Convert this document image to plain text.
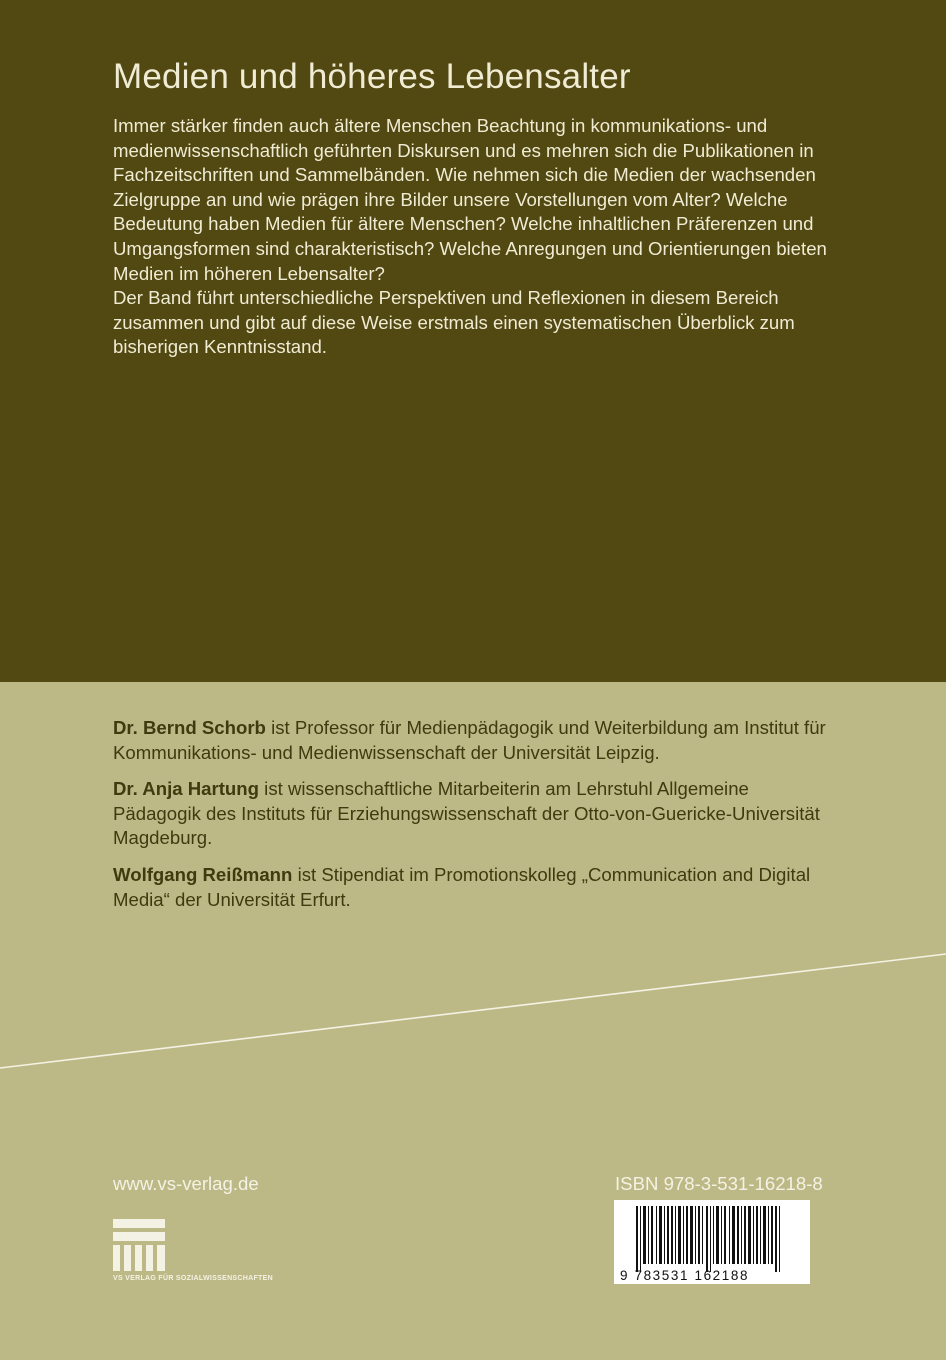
Medien und höheres Lebensalter

Immer stärker finden auch ältere Menschen Beachtung in kommunikations- und medienwissenschaftlich geführten Diskursen und es mehren sich die Publikationen in Fachzeitschriften und Sammelbänden. Wie nehmen sich die Medien der wachsenden Zielgruppe an und wie prägen ihre Bilder unsere Vorstellungen vom Alter? Welche Bedeutung haben Medien für ältere Menschen? Welche inhaltlichen Präferenzen und Umgangsformen sind charakteristisch? Welche Anregungen und Orientierungen bieten Medien im höheren Lebensalter?

Der Band führt unterschiedliche Perspektiven und Reflexionen in diesem Bereich zusammen und gibt auf diese Weise erstmals einen systematischen Überblick zum bisherigen Kenntnisstand.

Dr. Bernd Schorb ist Professor für Medienpädagogik und Weiterbildung am Institut für Kommunikations- und Medienwissenschaft der Universität Leipzig.

Dr. Anja Hartung ist wissenschaftliche Mitarbeiterin am Lehrstuhl Allgemeine Pädagogik des Instituts für Erziehungswissenschaft der Otto-von-Guericke-Universität Magdeburg.

Wolfgang Reißmann ist Stipendiat im Promotionskolleg „Communication and Digital Media“ der Universität Erfurt.

www.vs-verlag.de	ISBN 978-3-531-16218-8
VS VERLAG FÜR SOZIALWISSENSCHAFTEN	9 783531 162188
